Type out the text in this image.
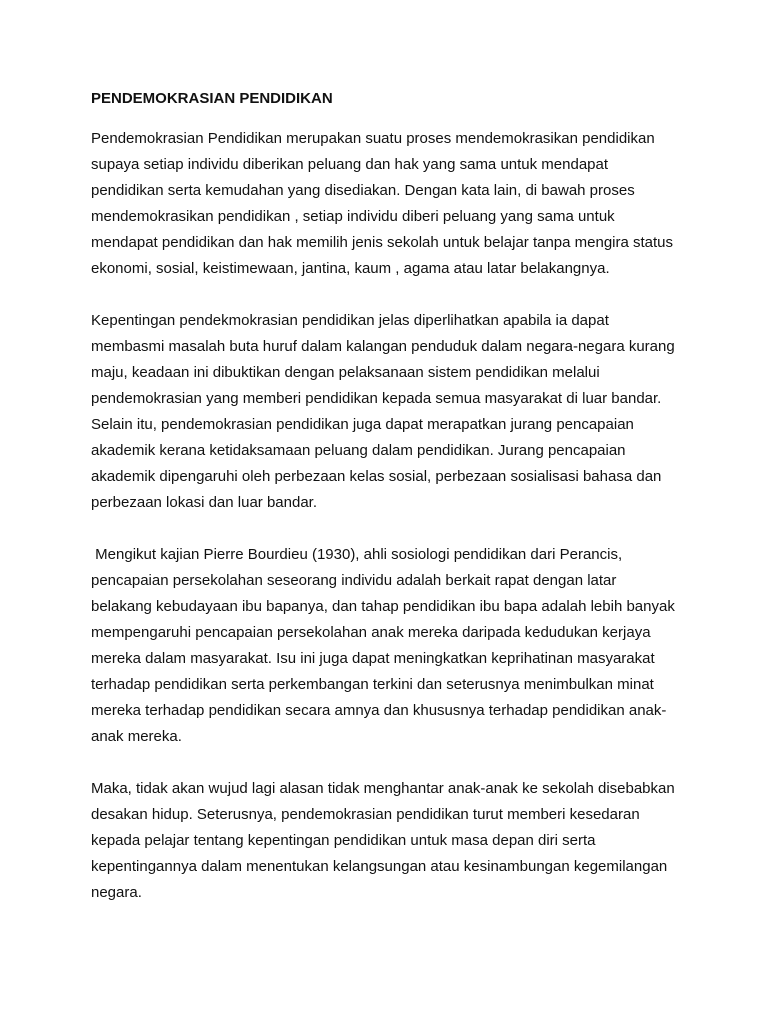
PENDEMOKRASIAN PENDIDIKAN

Pendemokrasian Pendidikan merupakan suatu proses mendemokrasikan pendidikan
supaya setiap individu diberikan peluang dan hak yang sama untuk mendapat
pendidikan serta kemudahan yang disediakan. Dengan kata lain, di bawah proses
mendemokrasikan pendidikan , setiap individu diberi peluang yang sama untuk
mendapat pendidikan dan hak memilih jenis sekolah untuk belajar tanpa mengira status
ekonomi, sosial, keistimewaan, jantina, kaum , agama atau latar belakangnya.

Kepentingan pendekmokrasian pendidikan jelas diperlihatkan apabila ia dapat
membasmi masalah buta huruf dalam kalangan penduduk dalam negara-negara kurang
maju, keadaan ini dibuktikan dengan pelaksanaan sistem pendidikan melalui
pendemokrasian yang memberi pendidikan kepada semua masyarakat di luar bandar.
Selain itu, pendemokrasian pendidikan juga dapat merapatkan jurang pencapaian
akademik kerana ketidaksamaan peluang dalam pendidikan. Jurang pencapaian
akademik dipengaruhi oleh perbezaan kelas sosial, perbezaan sosialisasi bahasa dan
perbezaan lokasi dan luar bandar.

Mengikut kajian Pierre Bourdieu (1930), ahli sosiologi pendidikan dari Perancis,
pencapaian persekolahan seseorang individu adalah berkait rapat dengan latar
belakang kebudayaan ibu bapanya, dan tahap pendidikan ibu bapa adalah lebih banyak
mempengaruhi pencapaian persekolahan anak mereka daripada kedudukan kerjaya
mereka dalam masyarakat. Isu ini juga dapat meningkatkan keprihatinan masyarakat
terhadap pendidikan serta perkembangan terkini dan seterusnya menimbulkan minat
mereka terhadap pendidikan secara amnya dan khususnya terhadap pendidikan anak-
anak mereka.

Maka, tidak akan wujud lagi alasan tidak menghantar anak-anak ke sekolah disebabkan
desakan hidup. Seterusnya, pendemokrasian pendidikan turut memberi kesedaran
kepada pelajar tentang kepentingan pendidikan untuk masa depan diri serta
kepentingannya dalam menentukan kelangsungan atau kesinambungan kegemilangan
negara.
